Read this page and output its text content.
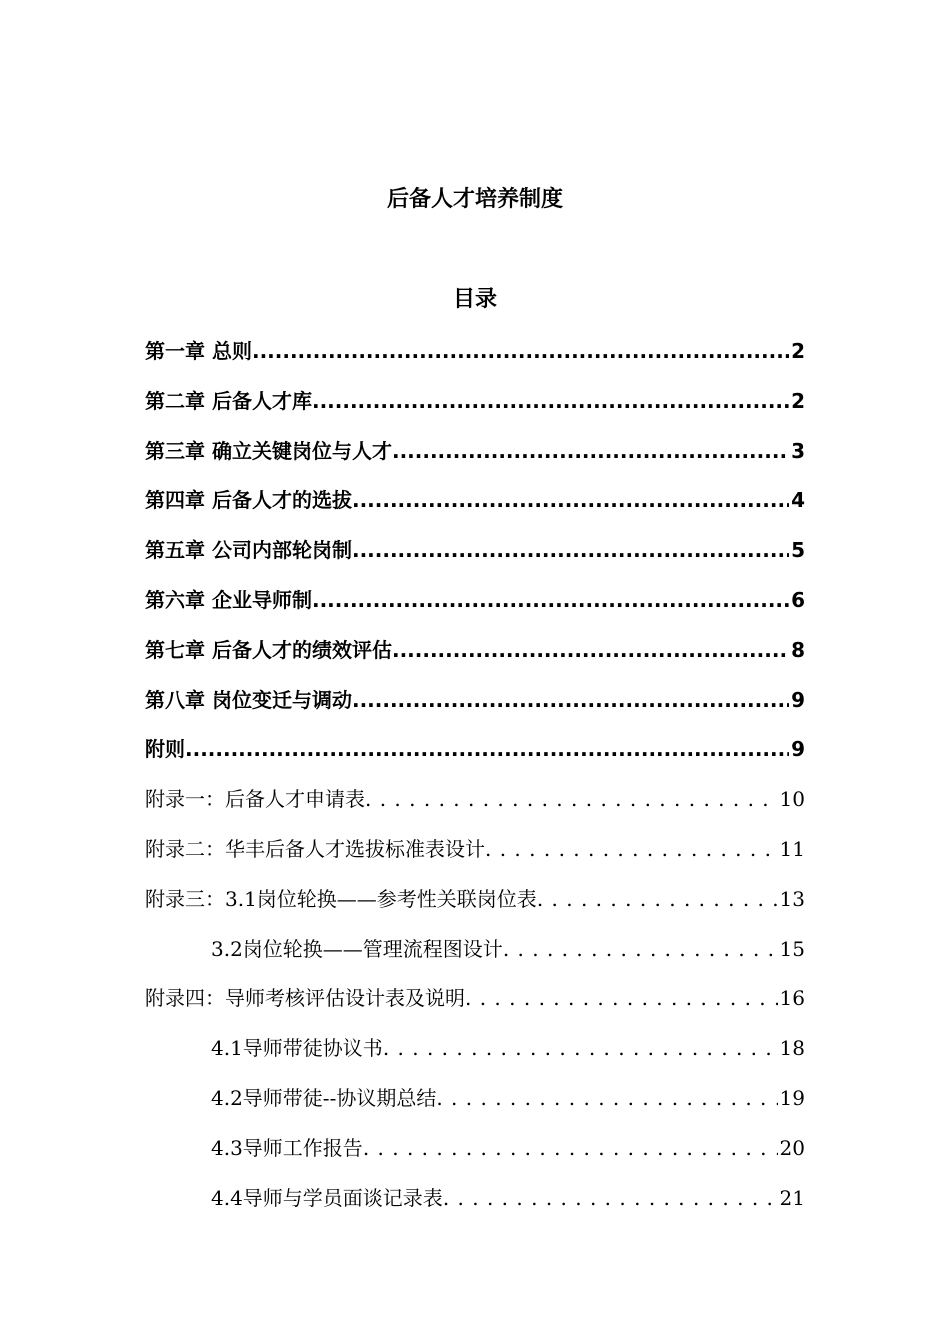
后备人才培养制度
目录
第一章 总则 .....	2
第二章 后备人才库 .....	2
第三章 确立关键岗位与人才 .....	3
第四章 后备人才的选拔 .....	4
第五章 公司内部轮岗制 .....	5
第六章 企业导师制 .....	6
第七章 后备人才的绩效评估 .....	8
第八章 岗位变迁与调动 .....	9
附则 .....	9
附录一：后备人才申请表 . . .	10
附录二：华丰后备人才选拔标准表设计 . . .	11
附录三：3.1岗位轮换——参考性关联岗位表 . . .	13
3.2岗位轮换——管理流程图设计 . . .	15
附录四：导师考核评估设计表及说明 . . .	16
4.1导师带徒协议书 . . .	18
4.2导师带徒--协议期总结 . . .	19
4.3导师工作报告 . . .	20
4.4导师与学员面谈记录表 . . .	21
